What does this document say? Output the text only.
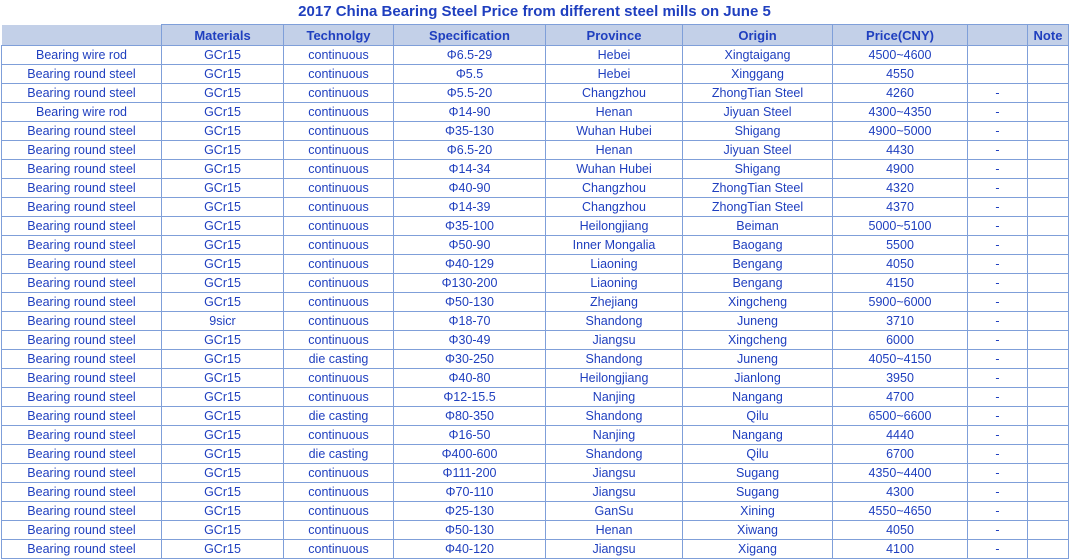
2017 China Bearing Steel Price from different steel mills on June 5
	Materials	Technolgy	Specification	Province	Origin	Price(CNY)		Note
Bearing wire rod	GCr15	continuous	Φ6.5-29	Hebei	Xingtaigang	4500~4600		
Bearing round steel	GCr15	continuous	Φ5.5	Hebei	Xinggang	4550		
Bearing round steel	GCr15	continuous	Φ5.5-20	Changzhou	ZhongTian Steel	4260	-	
Bearing wire rod	GCr15	continuous	Φ14-90	Henan	Jiyuan Steel	4300~4350	-	
Bearing round steel	GCr15	continuous	Φ35-130	Wuhan Hubei	Shigang	4900~5000	-	
Bearing round steel	GCr15	continuous	Φ6.5-20	Henan	Jiyuan Steel	4430	-	
Bearing round steel	GCr15	continuous	Φ14-34	Wuhan Hubei	Shigang	4900	-	
Bearing round steel	GCr15	continuous	Φ40-90	Changzhou	ZhongTian Steel	4320	-	
Bearing round steel	GCr15	continuous	Φ14-39	Changzhou	ZhongTian Steel	4370	-	
Bearing round steel	GCr15	continuous	Φ35-100	Heilongjiang	Beiman	5000~5100	-	
Bearing round steel	GCr15	continuous	Φ50-90	Inner Mongalia	Baogang	5500	-	
Bearing round steel	GCr15	continuous	Φ40-129	Liaoning	Bengang	4050	-	
Bearing round steel	GCr15	continuous	Φ130-200	Liaoning	Bengang	4150	-	
Bearing round steel	GCr15	continuous	Φ50-130	Zhejiang	Xingcheng	5900~6000	-	
Bearing round steel	9sicr	continuous	Φ18-70	Shandong	Juneng	3710	-	
Bearing round steel	GCr15	continuous	Φ30-49	Jiangsu	Xingcheng	6000	-	
Bearing round steel	GCr15	die casting	Φ30-250	Shandong	Juneng	4050~4150	-	
Bearing round steel	GCr15	continuous	Φ40-80	Heilongjiang	Jianlong	3950	-	
Bearing round steel	GCr15	continuous	Φ12-15.5	Nanjing	Nangang	4700	-	
Bearing round steel	GCr15	die casting	Φ80-350	Shandong	Qilu	6500~6600	-	
Bearing round steel	GCr15	continuous	Φ16-50	Nanjing	Nangang	4440	-	
Bearing round steel	GCr15	die casting	Φ400-600	Shandong	Qilu	6700	-	
Bearing round steel	GCr15	continuous	Φ111-200	Jiangsu	Sugang	4350~4400	-	
Bearing round steel	GCr15	continuous	Φ70-110	Jiangsu	Sugang	4300	-	
Bearing round steel	GCr15	continuous	Φ25-130	GanSu	Xining	4550~4650	-	
Bearing round steel	GCr15	continuous	Φ50-130	Henan	Xiwang	4050	-	
Bearing round steel	GCr15	continuous	Φ40-120	Jiangsu	Xigang	4100	-	
